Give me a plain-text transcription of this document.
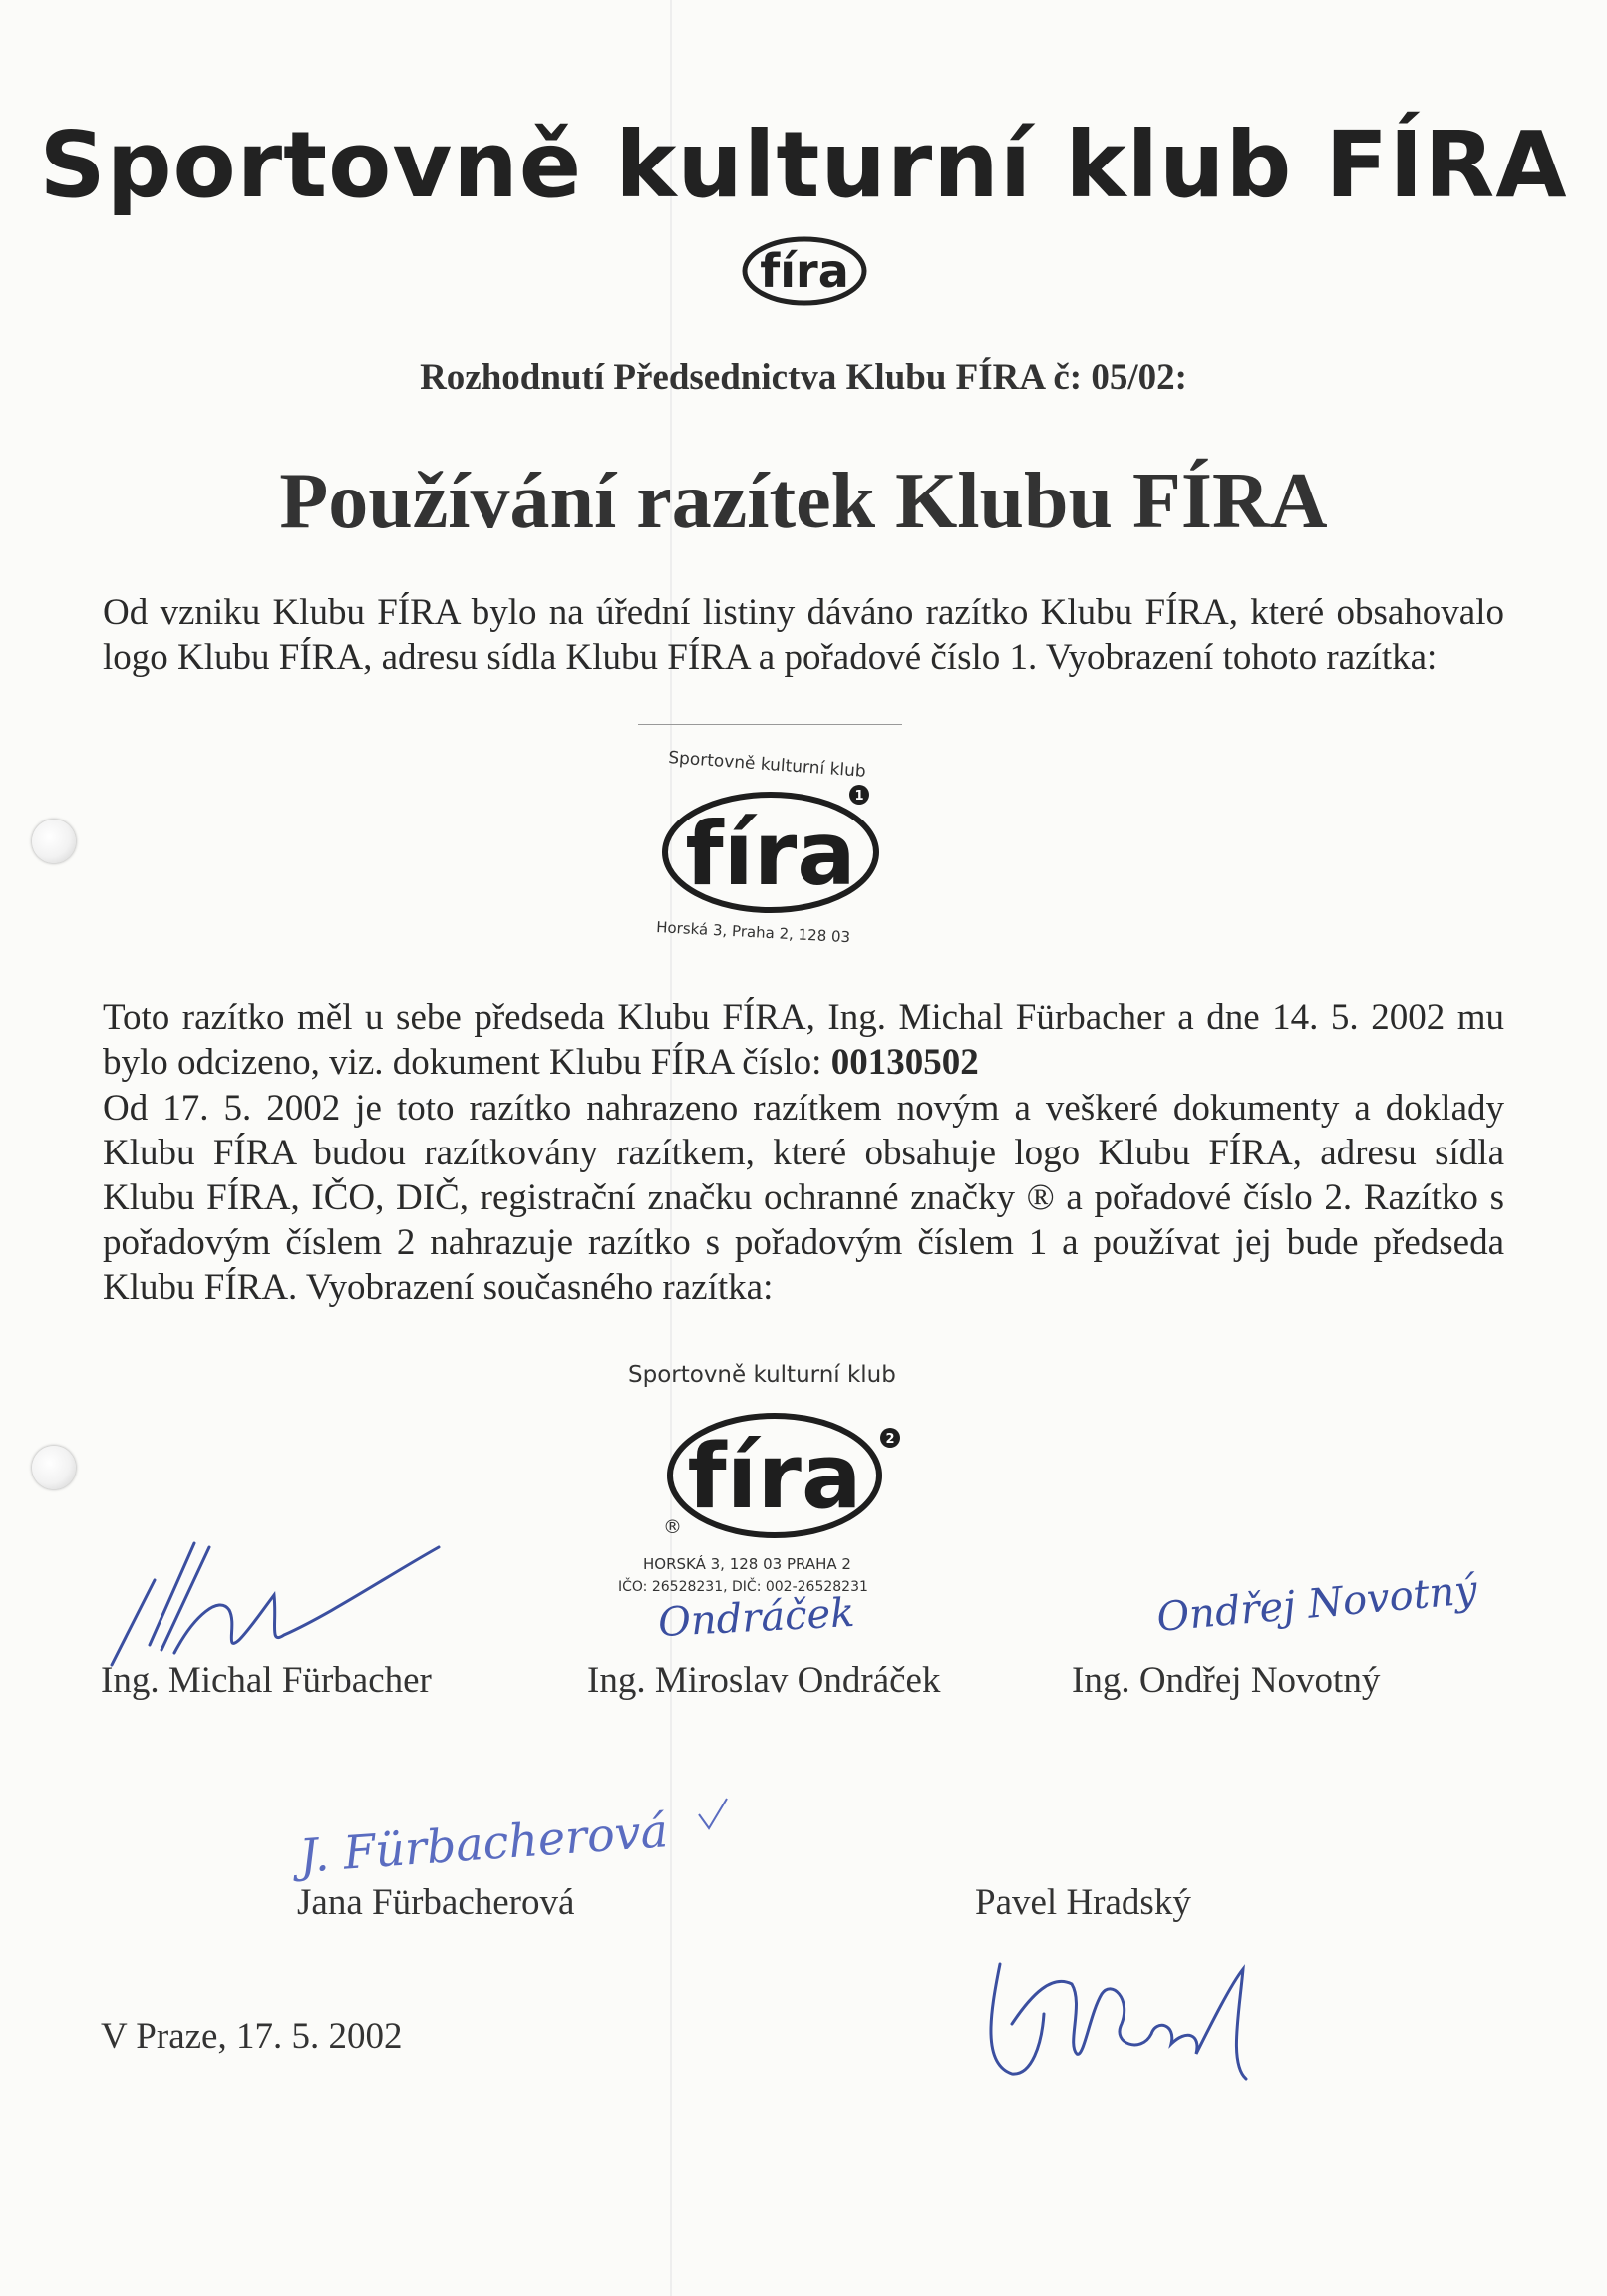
Sportovně kulturní klub FÍRA
fíra
Rozhodnutí Předsednictva Klubu FÍRA č: 05/02:
Používání razítek Klubu FÍRA

Od vzniku Klubu FÍRA bylo na úřední listiny dáváno razítko Klubu FÍRA, které obsahovalo logo Klubu FÍRA, adresu sídla Klubu FÍRA a pořadové číslo 1. Vyobrazení tohoto razítka:

Sportovně kulturní klub
fíra
1
Horská 3, Praha 2, 128 03

Toto razítko měl u sebe předseda Klubu FÍRA, Ing. Michal Fürbacher a dne 14. 5. 2002 mu bylo odcizeno, viz. dokument Klubu FÍRA číslo: 00130502

Od 17. 5. 2002 je toto razítko nahrazeno razítkem novým a veškeré dokumenty a doklady Klubu FÍRA budou razítkovány razítkem, které obsahuje logo Klubu FÍRA, adresu sídla Klubu FÍRA, IČO, DIČ, registrační značku ochranné značky ® a pořadové číslo 2. Razítko s pořadovým číslem 2 nahrazuje razítko s pořadovým číslem 1 a používat jej bude předseda Klubu FÍRA. Vyobrazení současného razítka:

Sportovně kulturní klub
fíra 2
®
HORSKÁ 3, 128 03 PRAHA 2
IČO: 26528231, DIČ: 002-26528231
Ondráček	Ondřej Novotný
Ing. Michal Fürbacher	Ing. Miroslav Ondráček	Ing. Ondřej Novotný
J. Fürbacherová
Jana Fürbacherová	Pavel Hradský
V Praze, 17. 5. 2002
